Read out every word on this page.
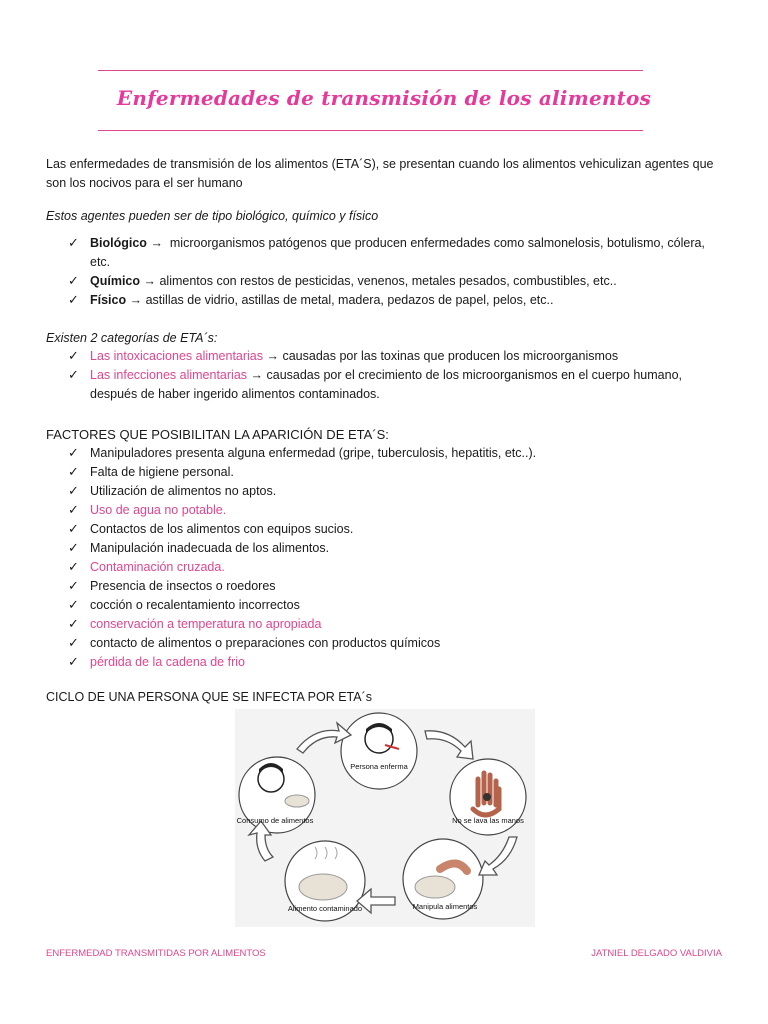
Enfermedades de transmisión de los alimentos
Las enfermedades de transmisión de los alimentos (ETA´S), se presentan cuando los alimentos vehiculizan agentes que son los nocivos para el ser humano
Estos agentes pueden ser de tipo biológico, químico y físico
✓ Biológico → microorganismos patógenos que producen enfermedades como salmonelosis, botulismo, cólera, etc.
✓ Químico → alimentos con restos de pesticidas, venenos, metales pesados, combustibles, etc..
✓ Físico → astillas de vidrio, astillas de metal, madera, pedazos de papel, pelos, etc..
Existen 2 categorías de ETA´s:
✓ Las intoxicaciones alimentarias → causadas por las toxinas que producen los microorganismos
✓ Las infecciones alimentarias → causadas por el crecimiento de los microorganismos en el cuerpo humano, después de haber ingerido alimentos contaminados.
FACTORES QUE POSIBILITAN LA APARICIÓN DE ETA´S:
✓ Manipuladores presenta alguna enfermedad (gripe, tuberculosis, hepatitis, etc..).
✓ Falta de higiene personal.
✓ Utilización de alimentos no aptos.
✓ Uso de agua no potable.
✓ Contactos de los alimentos con equipos sucios.
✓ Manipulación inadecuada de los alimentos.
✓ Contaminación cruzada.
✓ Presencia de insectos o roedores
✓ cocción o recalentamiento incorrectos
✓ conservación a temperatura no apropiada
✓ contacto de alimentos o preparaciones con productos químicos
✓ pérdida de la cadena de frio
CICLO DE UNA PERSONA QUE SE INFECTA POR ETA´s
Persona enferma
No se lava las manos
Manipula alimentos
Alimento contaminado
Consumo de alimentos
ENFERMEDAD TRANSMITIDAS POR ALIMENTOS	JATNIEL DELGADO VALDIVIA
